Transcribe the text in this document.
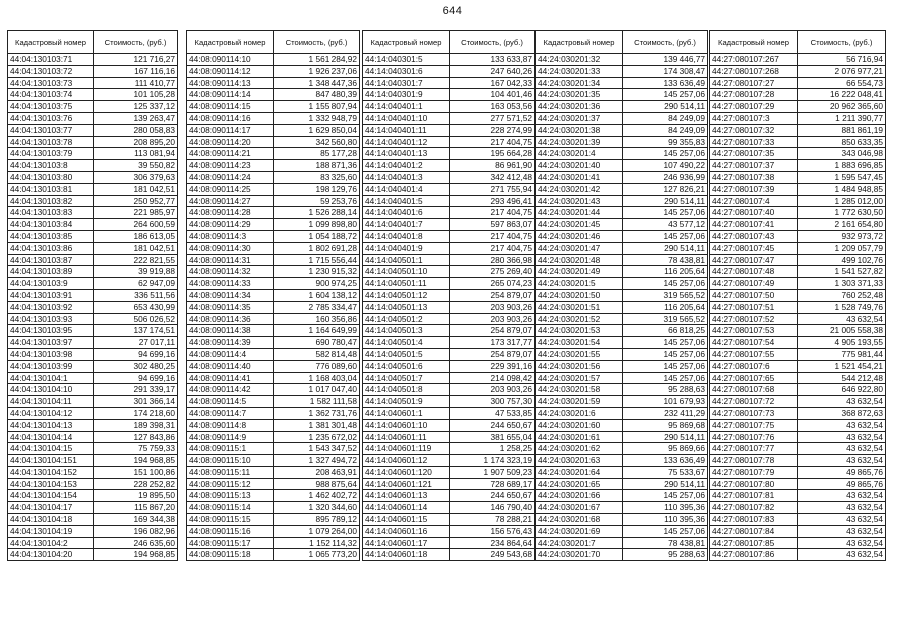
644
Кадастровый номер	Стоимость, (руб.)
44:04:130103:71	121 716,27
44:04:130103:72	167 116,16
44:04:130103:73	111 410,77
44:04:130103:74	101 105,28
44:04:130103:75	125 337,12
44:04:130103:76	139 263,47
44:04:130103:77	280 058,83
44:04:130103:78	208 895,20
44:04:130103:79	113 081,94
44:04:130103:8	39 550,82
44:04:130103:80	306 379,63
44:04:130103:81	181 042,51
44:04:130103:82	250 952,77
44:04:130103:83	221 985,97
44:04:130103:84	264 600,59
44:04:130103:85	186 613,05
44:04:130103:86	181 042,51
44:04:130103:87	222 821,55
44:04:130103:89	39 919,88
44:04:130103:9	62 947,09
44:04:130103:91	336 511,56
44:04:130103:92	653 430,99
44:04:130103:93	506 026,52
44:04:130103:95	137 174,51
44:04:130103:97	27 017,11
44:04:130103:98	94 699,16
44:04:130103:99	302 480,25
44:04:130104:1	94 699,16
44:04:130104:10	291 339,17
44:04:130104:11	301 366,14
44:04:130104:12	174 218,60
44:04:130104:13	189 398,31
44:04:130104:14	127 843,86
44:04:130104:15	75 759,33
44:04:130104:151	194 968,85
44:04:130104:152	151 100,86
44:04:130104:153	228 252,82
44:04:130104:154	19 895,50
44:04:130104:17	115 867,20
44:04:130104:18	169 344,38
44:04:130104:19	196 082,96
44:04:130104:2	246 635,60
44:04:130104:20	194 968,85
Кадастровый номер	Стоимость, (руб.)
44:08:090114:10	1 561 284,92
44:08:090114:12	1 926 237,06
44:08:090114:13	1 348 447,36
44:08:090114:14	847 480,39
44:08:090114:15	1 155 807,94
44:08:090114:16	1 332 948,79
44:08:090114:17	1 629 850,04
44:08:090114:20	342 560,80
44:08:090114:21	85 177,28
44:08:090114:23	188 871,36
44:08:090114:24	83 325,60
44:08:090114:25	198 129,76
44:08:090114:27	59 253,76
44:08:090114:28	1 526 288,14
44:08:090114:29	1 099 898,80
44:08:090114:3	1 054 188,72
44:08:090114:30	1 802 691,28
44:08:090114:31	1 715 556,44
44:08:090114:32	1 230 915,32
44:08:090114:33	900 974,25
44:08:090114:34	1 604 138,12
44:08:090114:35	2 785 334,47
44:08:090114:36	160 356,86
44:08:090114:38	1 164 649,99
44:08:090114:39	690 780,47
44:08:090114:4	582 814,48
44:08:090114:40	776 089,60
44:08:090114:41	1 168 403,04
44:08:090114:42	1 017 047,40
44:08:090114:5	1 582 111,58
44:08:090114:7	1 362 731,76
44:08:090114:8	1 381 301,48
44:08:090114:9	1 235 672,02
44:08:090115:1	1 543 347,52
44:08:090115:10	1 327 494,72
44:08:090115:11	208 463,91
44:08:090115:12	988 875,64
44:08:090115:13	1 462 402,72
44:08:090115:14	1 320 344,60
44:08:090115:15	895 789,12
44:08:090115:16	1 079 264,00
44:08:090115:17	1 152 114,32
44:08:090115:18	1 065 773,20
Кадастровый номер	Стоимость, (руб.)
44:14:040301:5	133 633,87
44:14:040301:6	247 640,26
44:14:040301:7	167 042,33
44:14:040301:9	104 401,46
44:14:040401:1	163 053,56
44:14:040401:10	277 571,52
44:14:040401:11	228 274,99
44:14:040401:12	217 404,75
44:14:040401:13	195 664,28
44:14:040401:2	86 961,90
44:14:040401:3	342 412,48
44:14:040401:4	271 755,94
44:14:040401:5	293 496,41
44:14:040401:6	217 404,75
44:14:040401:7	597 863,07
44:14:040401:8	217 404,75
44:14:040401:9	217 404,75
44:14:040501:1	280 366,98
44:14:040501:10	275 269,40
44:14:040501:11	265 074,23
44:14:040501:12	254 879,07
44:14:040501:13	203 903,26
44:14:040501:2	203 903,26
44:14:040501:3	254 879,07
44:14:040501:4	173 317,77
44:14:040501:5	254 879,07
44:14:040501:6	229 391,16
44:14:040501:7	214 098,42
44:14:040501:8	203 903,26
44:14:040501:9	300 757,30
44:14:040601:1	47 533,85
44:14:040601:10	244 650,67
44:14:040601:11	381 655,04
44:14:040601:119	1 258,25
44:14:040601:12	1 174 323,19
44:14:040601:120	1 907 509,23
44:14:040601:121	728 689,17
44:14:040601:13	244 650,67
44:14:040601:14	146 790,40
44:14:040601:15	78 288,21
44:14:040601:16	156 576,43
44:14:040601:17	234 864,64
44:14:040601:18	249 543,68
Кадастровый номер	Стоимость, (руб.)
44:24:030201:32	139 446,77
44:24:030201:33	174 308,47
44:24:030201:34	133 636,49
44:24:030201:35	145 257,06
44:24:030201:36	290 514,11
44:24:030201:37	84 249,09
44:24:030201:38	84 249,09
44:24:030201:39	99 355,83
44:24:030201:4	145 257,06
44:24:030201:40	107 490,22
44:24:030201:41	246 936,99
44:24:030201:42	127 826,21
44:24:030201:43	290 514,11
44:24:030201:44	145 257,06
44:24:030201:45	43 577,12
44:24:030201:46	145 257,06
44:24:030201:47	290 514,11
44:24:030201:48	78 438,81
44:24:030201:49	116 205,64
44:24:030201:5	145 257,06
44:24:030201:50	319 565,52
44:24:030201:51	116 205,64
44:24:030201:52	319 565,52
44:24:030201:53	66 818,25
44:24:030201:54	145 257,06
44:24:030201:55	145 257,06
44:24:030201:56	145 257,06
44:24:030201:57	145 257,06
44:24:030201:58	95 288,63
44:24:030201:59	101 679,93
44:24:030201:6	232 411,29
44:24:030201:60	95 869,68
44:24:030201:61	290 514,11
44:24:030201:62	95 869,66
44:24:030201:63	133 636,49
44:24:030201:64	75 533,67
44:24:030201:65	290 514,11
44:24:030201:66	145 257,06
44:24:030201:67	110 395,36
44:24:030201:68	110 395,36
44:24:030201:69	145 257,06
44:24:030201:7	78 438,81
44:24:030201:70	95 288,63
Кадастровый номер	Стоимость, (руб.)
44:27:080107:267	56 716,94
44:27:080107:268	2 076 977,21
44:27:080107:27	66 554,73
44:27:080107:28	16 222 048,41
44:27:080107:29	20 962 365,60
44:27:080107:3	1 211 390,77
44:27:080107:32	881 861,19
44:27:080107:33	850 633,35
44:27:080107:35	343 046,98
44:27:080107:37	1 883 696,85
44:27:080107:38	1 595 547,45
44:27:080107:39	1 484 948,85
44:27:080107:4	1 285 012,00
44:27:080107:40	1 772 630,50
44:27:080107:41	2 161 654,80
44:27:080107:43	932 973,72
44:27:080107:45	1 209 057,79
44:27:080107:47	499 102,76
44:27:080107:48	1 541 527,82
44:27:080107:49	1 303 371,33
44:27:080107:50	760 252,48
44:27:080107:51	1 528 749,76
44:27:080107:52	43 632,54
44:27:080107:53	21 005 558,38
44:27:080107:54	4 905 193,55
44:27:080107:55	775 981,44
44:27:080107:6	1 521 454,21
44:27:080107:65	544 212,48
44:27:080107:68	646 922,80
44:27:080107:72	43 632,54
44:27:080107:73	368 872,63
44:27:080107:75	43 632,54
44:27:080107:76	43 632,54
44:27:080107:77	43 632,54
44:27:080107:78	43 632,54
44:27:080107:79	49 865,76
44:27:080107:80	49 865,76
44:27:080107:81	43 632,54
44:27:080107:82	43 632,54
44:27:080107:83	43 632,54
44:27:080107:84	43 632,54
44:27:080107:85	43 632,54
44:27:080107:86	43 632,54
